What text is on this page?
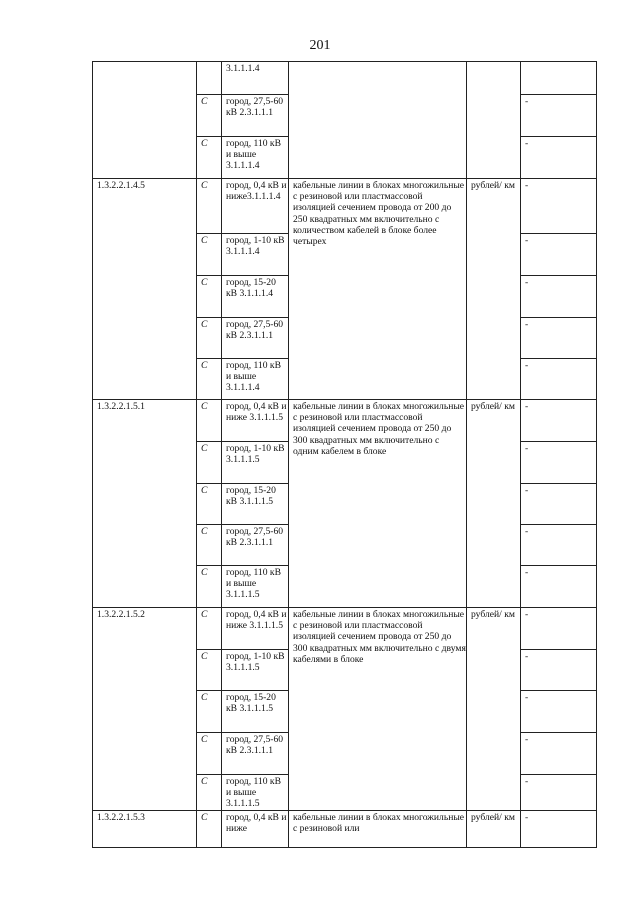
201
		3.1.1.1.4			
	С	город, 27,5-60 кВ 2.3.1.1.1			-
	С	город, 110 кВ и выше 3.1.1.1.4			-
1.3.2.2.1.4.5	С	город, 0,4 кВ и ниже3.1.1.1.4	кабельные линии в блоках многожильные с резиновой или пластмассовой изоляцией сечением провода от 200 до 250 квадратных мм включительно с количеством кабелей в блоке более четырех	рублей/ км	-
	С	город, 1-10 кВ 3.1.1.1.4			-
	С	город, 15-20 кВ 3.1.1.1.4			-
	С	город, 27,5-60 кВ 2.3.1.1.1			-
	С	город, 110 кВ и выше 3.1.1.1.4			-
1.3.2.2.1.5.1	С	город, 0,4 кВ и ниже 3.1.1.1.5	кабельные линии в блоках многожильные с резиновой или пластмассовой изоляцией сечением провода от 250 до 300 квадратных мм включительно с одним кабелем в блоке	рублей/ км	-
	С	город, 1-10 кВ 3.1.1.1.5			-
	С	город, 15-20 кВ 3.1.1.1.5			-
	С	город, 27,5-60 кВ 2.3.1.1.1			-
	С	город, 110 кВ и выше 3.1.1.1.5			-
1.3.2.2.1.5.2	С	город, 0,4 кВ и ниже 3.1.1.1.5	кабельные линии в блоках многожильные с резиновой или пластмассовой изоляцией сечением провода от 250 до 300 квадратных мм включительно с двумя кабелями в блоке	рублей/ км	-
	С	город, 1-10 кВ 3.1.1.1.5			-
	С	город, 15-20 кВ 3.1.1.1.5			-
	С	город, 27,5-60 кВ 2.3.1.1.1			-
	С	город, 110 кВ и выше 3.1.1.1.5			-
1.3.2.2.1.5.3	С	город, 0,4 кВ и ниже	кабельные линии в блоках многожильные с резиновой или	рублей/ км	-
